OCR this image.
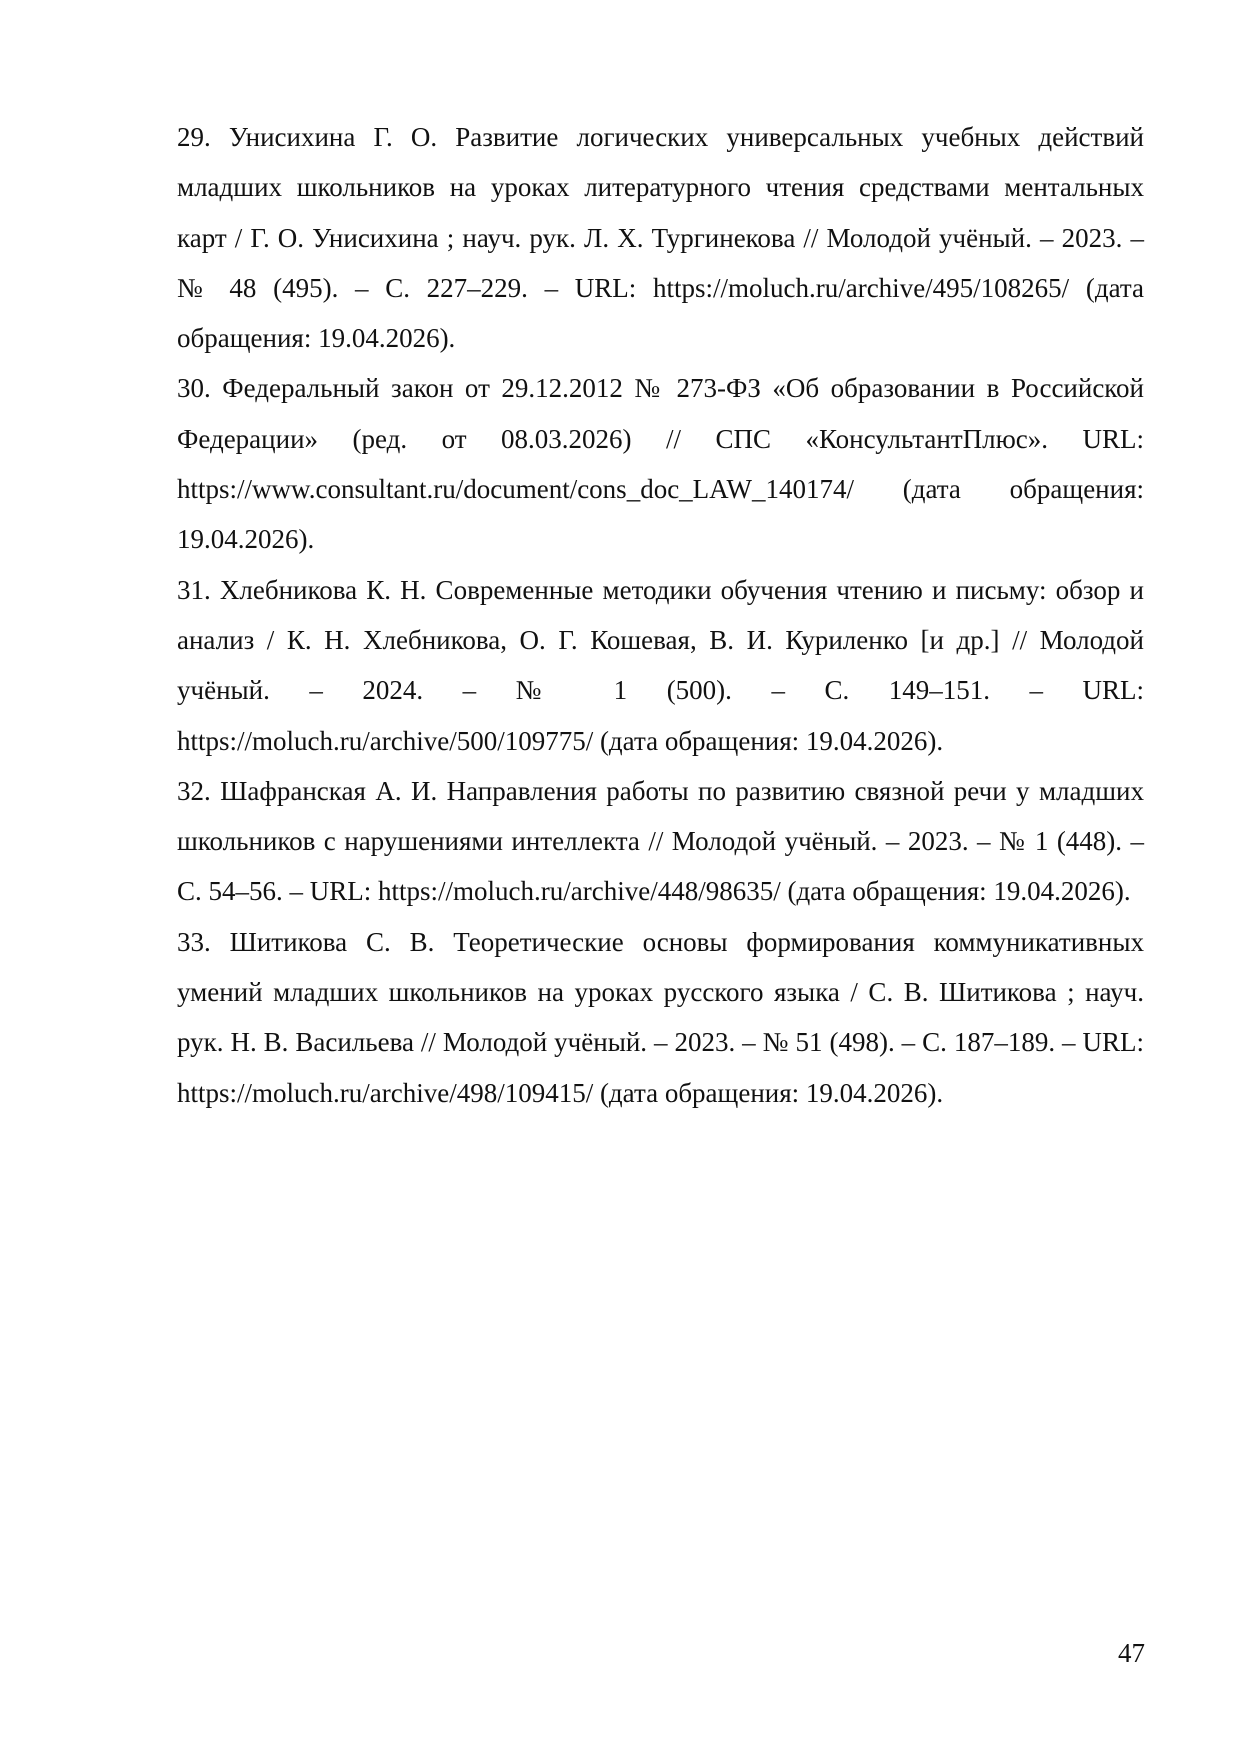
29. Унисихина Г. О. Развитие логических универсальных учебных действий младших школьников на уроках литературного чтения средствами ментальных карт / Г. О. Унисихина ; науч. рук. Л. Х. Тургинекова // Молодой учёный. – 2023. – № 48 (495). – С. 227–229. – URL: https://moluch.ru/archive/495/108265/ (дата обращения: 19.04.2026).

30. Федеральный закон от 29.12.2012 № 273-ФЗ «Об образовании в Российской Федерации» (ред. от 08.03.2026) // СПС «КонсультантПлюс». URL: https://www.consultant.ru/document/cons_doc_LAW_140174/ (дата обращения: 19.04.2026).

31. Хлебникова К. Н. Современные методики обучения чтению и письму: обзор и анализ / К. Н. Хлебникова, О. Г. Кошевая, В. И. Куриленко [и др.] // Молодой учёный. – 2024. – № 1 (500). – С. 149–151. – URL: https://moluch.ru/archive/500/109775/ (дата обращения: 19.04.2026).

32. Шафранская А. И. Направления работы по развитию связной речи у младших школьников с нарушениями интеллекта // Молодой учёный. – 2023. – № 1 (448). – С. 54–56. – URL: https://moluch.ru/archive/448/98635/ (дата обращения: 19.04.2026).

33. Шитикова С. В. Теоретические основы формирования коммуникативных умений младших школьников на уроках русского языка / С. В. Шитикова ; науч. рук. Н. В. Васильева // Молодой учёный. – 2023. – № 51 (498). – С. 187–189. – URL: https://moluch.ru/archive/498/109415/ (дата обращения: 19.04.2026).

47
